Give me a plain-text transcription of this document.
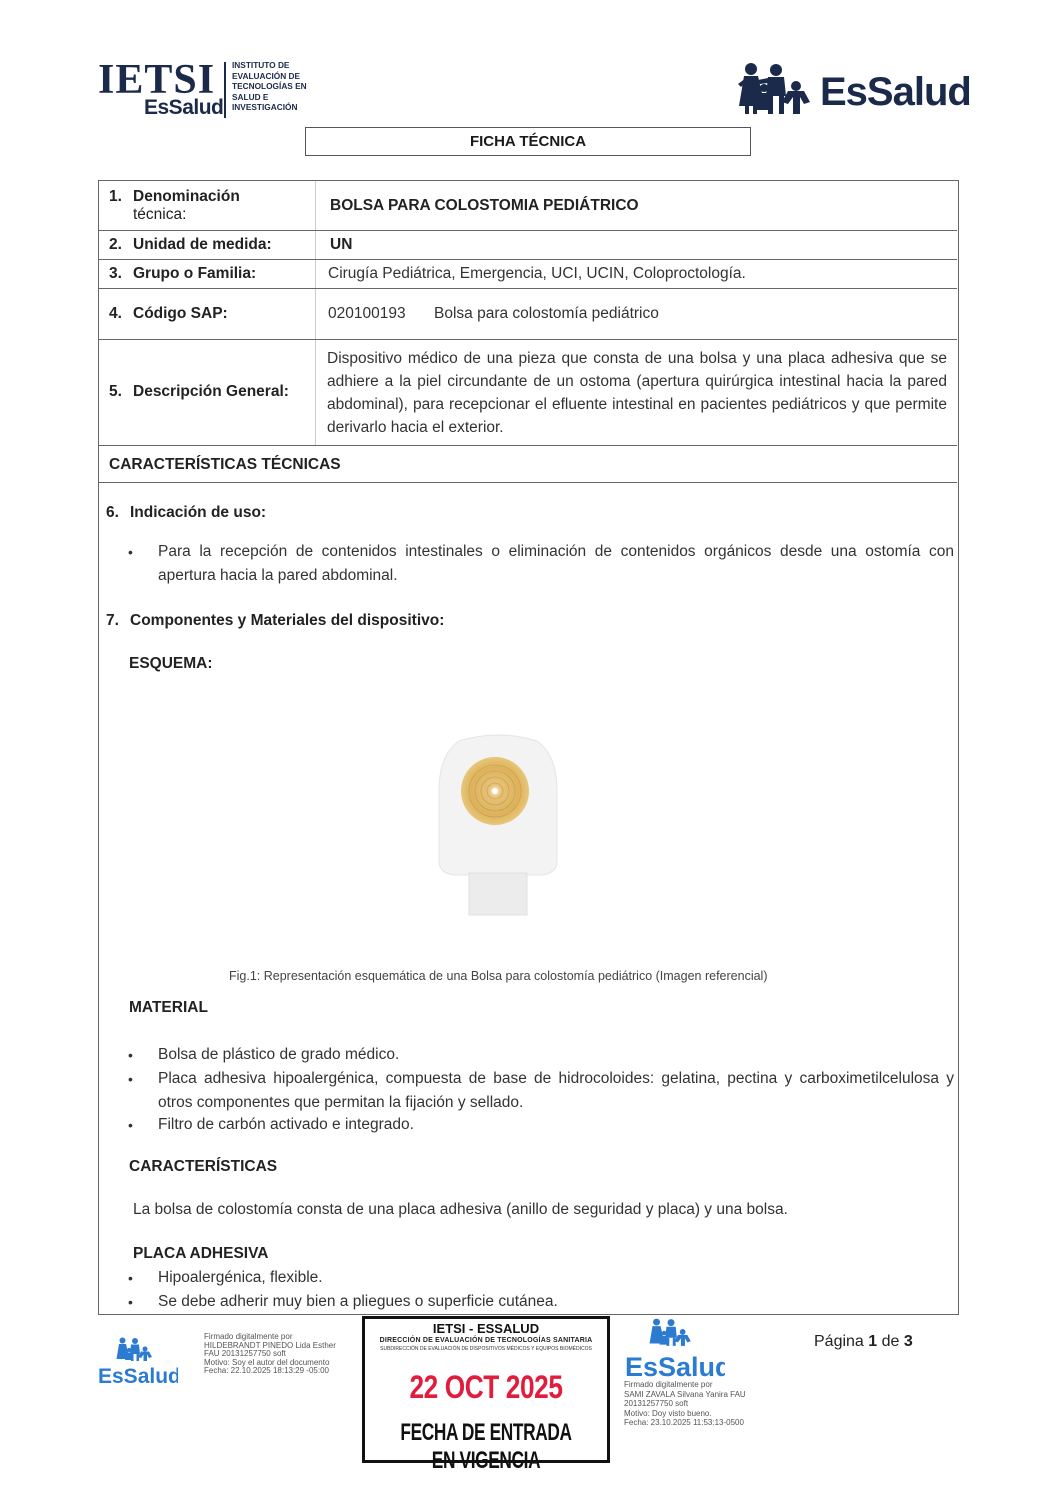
IETSI
EsSalud
INSTITUTO DE
EVALUACIÓN DE
TECNOLOGÍAS EN
SALUD E
INVESTIGACIÓN	EsSalud
FICHA TÉCNICA
1. Denominación
técnica:
BOLSA PARA COLOSTOMIA PEDIÁTRICO
2. Unidad de medida:	UN
3. Grupo o Familia:	Cirugía Pediátrica, Emergencia, UCI, UCIN, Coloproctología.
4. Código SAP:	020100193 Bolsa para colostomía pediátrico
5. Descripción General:
Dispositivo médico de una pieza que consta de una bolsa y una placa adhesiva que se adhiere a la piel circundante de un ostoma (apertura quirúrgica intestinal hacia la pared abdominal), para recepcionar el efluente intestinal en pacientes pediátricos y que permite derivarlo hacia el exterior.
CARACTERÍSTICAS TÉCNICAS
6. Indicación de uso:
•	Para la recepción de contenidos intestinales o eliminación de contenidos orgánicos desde una ostomía con apertura hacia la pared abdominal.
7. Componentes y Materiales del dispositivo:
ESQUEMA:
Fig.1: Representación esquemática de una Bolsa para colostomía pediátrico (Imagen referencial)
MATERIAL
•	Bolsa de plástico de grado médico.
•	Placa adhesiva hipoalergénica, compuesta de base de hidrocoloides: gelatina, pectina y carboximetilcelulosa y otros componentes que permitan la fijación y sellado.
•	Filtro de carbón activado e integrado.
CARACTERÍSTICAS
La bolsa de colostomía consta de una placa adhesiva (anillo de seguridad y placa) y una bolsa.
PLACA ADHESIVA
•	Hipoalergénica, flexible.
•	Se debe adherir muy bien a pliegues o superficie cutánea.
EsSalud
Firmado digitalmente por
HILDEBRANDT PINEDO Lida Esther
FAU 20131257750 soft
Motivo: Soy el autor del documento
Fecha: 22.10.2025 18:13:29 -05:00
IETSI - ESSALUD
DIRECCIÓN DE EVALUACIÓN DE TECNOLOGÍAS SANITARIA
SUBDIRECCIÓN DE EVALUACIÓN DE DISPOSITIVOS MÉDICOS Y EQUIPOS BIOMÉDICOS
22 OCT 2025
FECHA DE ENTRADA EN VIGENCIA
EsSalud
Firmado digitalmente por
SAMI ZAVALA Silvana Yanira FAU
20131257750 soft
Motivo: Doy visto bueno.
Fecha: 23.10.2025 11:53:13-0500
Página 1 de 3
